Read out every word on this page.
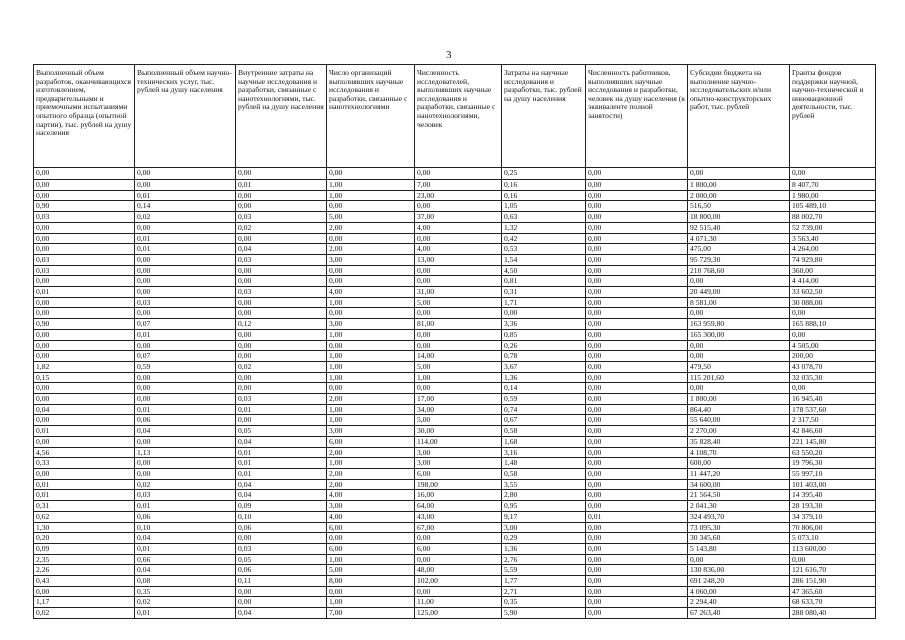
3
Выполненный объем разработок, оканчивающихся изготовлением, предварительными и приемочными испытаниями опытного образца (опытной партии), тыс. рублей на душу населения	Выполненный объем научно-технических услуг, тыс. рублей на душу населения	Внутренние затраты на научные исследования и разработки, связанные с нанотехнологиями, тыс. рублей на душу населения	Число организаций выполнявших научные исследования и разработки, связанные с нанотехнологиями	Численность исследователей, выполнявших научные исследования и разработки, связанные с нанотехнологиями, человек	Затраты на научные исследования и разработки, тыс. рублей на душу населения	Численность работников, выполнявших научные исследования и разработки, человек на душу населения (в эквиваленте полной занятости)	Субсидии бюджета на выполнение научно-исследовательских и/или опытно-конструкторских работ, тыс. рублей	Гранты фондов поддержки научной, научно-технической и инновационной деятельности, тыс. рублей
0,00	0,00	0,00	0,00	0,00	0,25	0,00	0,00	0,00
0,00	0,00	0,01	1,00	7,00	0,16	0,00	1 800,00	8 407,70
0,00	0,01	0,00	1,00	23,00	0,16	0,00	2 000,00	1 980,00
0,90	0,14	0,00	0,00	0,00	1,05	0,00	516,50	105 489,10
0,03	0,02	0,03	5,00	37,00	0,63	0,00	18 800,00	88 002,70
0,00	0,00	0,02	2,00	4,00	1,32	0,00	92 515,40	52 739,00
0,00	0,01	0,00	0,00	0,00	0,42	0,00	4 071,30	3 563,40
0,00	0,01	0,04	2,00	4,00	0,53	0,00	475,00	4 264,00
0,03	0,00	0,03	3,00	13,00	1,54	0,00	95 729,30	74 929,80
0,03	0,00	0,00	0,00	0,00	4,50	0,00	210 768,60	360,00
0,00	0,00	0,00	0,00	0,00	0,81	0,00	0,00	4 414,00
0,01	0,00	0,03	4,00	31,00	0,31	0,00	20 449,00	33 602,50
0,00	0,03	0,00	1,00	5,00	1,71	0,00	8 581,00	30 088,00
0,00	0,00	0,00	0,00	0,00	0,00	0,00	0,00	0,00
0,90	0,07	0,12	3,00	81,00	3,36	0,00	163 959,80	165 888,10
0,00	0,01	0,00	1,00	0,00	0,85	0,00	165 300,00	0,00
0,00	0,00	0,00	0,00	0,00	0,26	0,00	0,00	4 505,00
0,00	0,07	0,00	1,00	14,00	0,78	0,00	0,00	200,00
1,82	0,59	0,02	1,00	5,00	3,67	0,00	479,50	43 078,70
0,15	0,00	0,00	1,00	1,00	1,36	0,00	115 201,60	32 035,30
0,00	0,00	0,00	0,00	0,00	0,14	0,00	0,00	0,00
0,00	0,00	0,03	2,00	17,00	0,59	0,00	1 800,00	16 945,40
0,04	0,01	0,01	1,00	34,00	0,74	0,00	864,40	178 537,60
0,00	0,06	0,00	1,00	5,00	0,67	0,00	55 640,00	2 317,50
0,01	0,04	0,05	3,00	30,00	0,58	0,00	2 270,00	42 846,60
0,00	0,00	0,04	6,00	114,00	1,68	0,00	35 828,40	221 145,80
4,56	1,13	0,01	2,00	3,00	3,16	0,00	4 108,70	63 550,20
0,33	0,00	0,01	1,00	3,00	1,48	0,00	600,00	19 796,30
0,00	0,00	0,01	2,00	6,00	0,58	0,00	11 447,20	55 997,10
0,01	0,02	0,04	2,00	198,00	3,55	0,00	34 600,00	101 403,00
0,01	0,03	0,04	4,00	16,00	2,80	0,00	21 564,50	14 395,40
0,31	0,01	0,09	3,00	64,00	0,95	0,00	2 041,30	28 193,30
0,62	0,06	0,10	4,00	43,00	9,17	0,01	324 493,70	34 379,10
1,30	0,10	0,06	6,00	67,00	3,00	0,00	73 095,30	70 806,00
0,20	0,04	0,00	0,00	0,00	0,29	0,00	30 345,60	5 073,10
0,09	0,01	0,03	6,00	6,00	1,36	0,00	5 143,80	113 600,00
2,35	0,66	0,05	1,00	0,00	2,76	0,00	0,00	0,00
2,26	0,04	0,06	5,00	48,00	5,59	0,00	130 836,00	121 616,70
0,43	0,08	0,11	8,00	102,00	1,77	0,00	691 248,20	286 151,90
0,00	0,35	0,00	0,00	0,00	2,71	0,00	4 060,00	47 365,60
1,17	0,02	0,00	1,00	11,00	0,35	0,00	2 294,40	68 633,70
0,02	0,01	0,04	7,00	125,00	5,90	0,00	67 263,40	288 080,40
